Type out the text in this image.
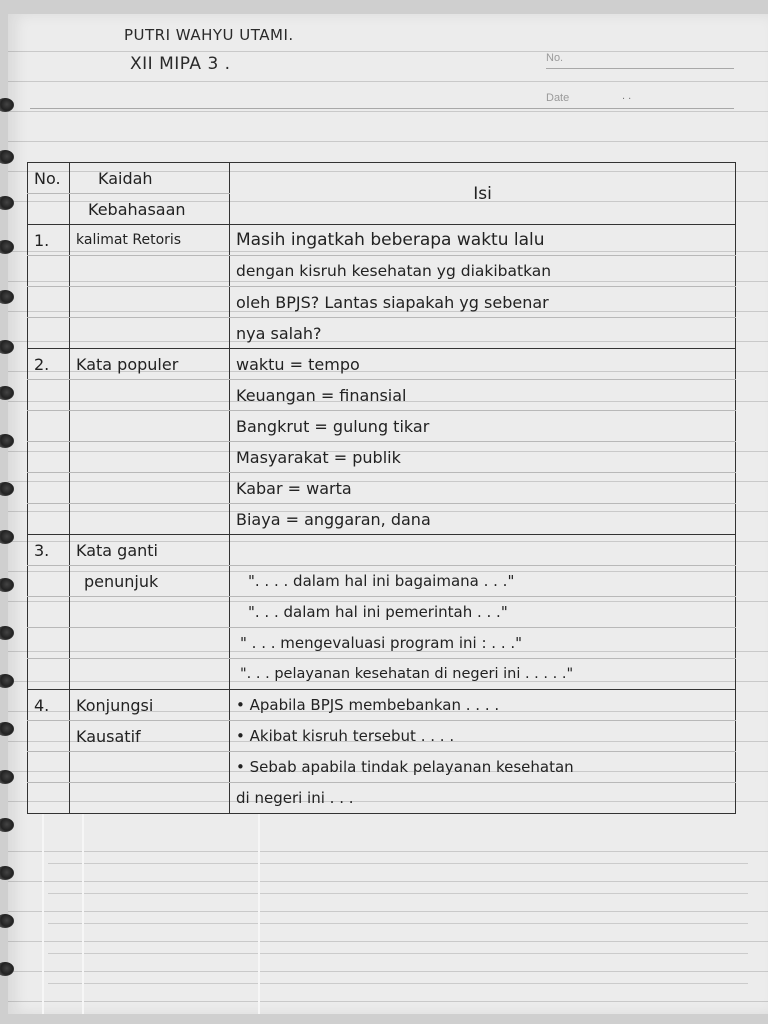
PUTRI WAHYU UTAMI.
XII MIPA 3 .	No.
Date	. .
No.	Kaidah	Isi
	Kebahasaan	
1.	kalimat Retoris	Masih ingatkah beberapa waktu lalu
		dengan kisruh kesehatan yg diakibatkan
		oleh BPJS? Lantas siapakah yg sebenar
		nya salah?
2.	Kata populer	waktu = tempo
		Keuangan = finansial
		Bangkrut = gulung tikar
		Masyarakat = publik
		Kabar = warta
		Biaya = anggaran, dana
3.	Kata ganti	
	penunjuk	". . . . dalam hal ini bagaimana . . ."
		". . . dalam hal ini pemerintah . . ."
		" . . . mengevaluasi program ini : . . ."
		". . . pelayanan kesehatan di negeri ini . . . . ."
4.	Konjungsi	• Apabila BPJS membebankan . . . .
	Kausatif	• Akibat kisruh tersebut . . . .
		• Sebab apabila tindak pelayanan kesehatan
		di negeri ini . . .
